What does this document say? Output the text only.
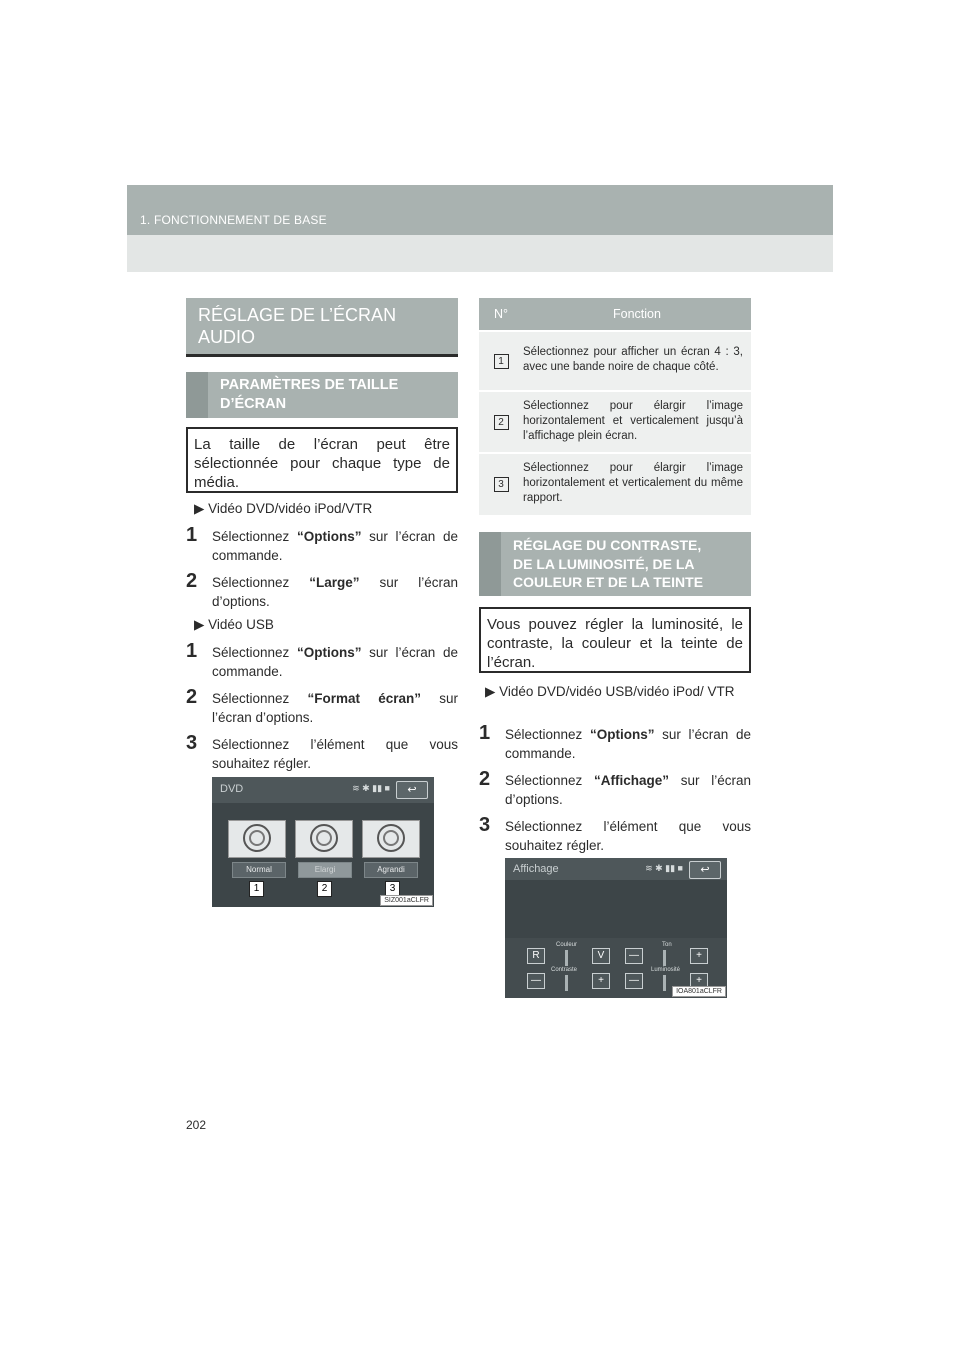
1. FONCTIONNEMENT DE BASE
RÉGLAGE DE L’ÉCRAN
AUDIO
PARAMÈTRES DE TAILLE
D’ÉCRAN
La taille de l’écran peut être sélectionnée pour chaque type de média.
▶ Vidéo DVD/vidéo iPod/VTR
1 Sélectionnez “Options” sur l’écran de commande.
2 Sélectionnez “Large” sur l’écran d’options.
▶ Vidéo USB
1 Sélectionnez “Options” sur l’écran de commande.
2 Sélectionnez “Format écran” sur l’écran d’options.
3 Sélectionnez l’élément que vous souhaitez régler.
DVD	≋ ✱ ▮▮ ■	↩
Normal	Elargi	Agrandi
1	2	3
SIZ001aCLFR
N°	Fonction
1	Sélectionnez pour afficher un écran 4 : 3, avec une bande noire de chaque côté.
2	Sélectionnez pour élargir l’image horizontalement et verticalement jusqu’à l’affichage plein écran.
3	Sélectionnez pour élargir l’image horizontalement et verticalement du même rapport.
RÉGLAGE DU CONTRASTE,
DE LA LUMINOSITÉ, DE LA
COULEUR ET DE LA TEINTE
Vous pouvez régler la luminosité, le contraste, la couleur et la teinte de l’écran.
▶ Vidéo DVD/vidéo USB/vidéo iPod/ VTR
1 Sélectionnez “Options” sur l’écran de commande.
2 Sélectionnez “Affichage” sur l’écran d’options.
3 Sélectionnez l’élément que vous souhaitez régler.
Affichage	≋ ✱ ▮▮ ■	↩
Couleur	Ton
R	V	—	+
Contraste	Luminosité
—	+	—	+
IOA801aCLFR
202
